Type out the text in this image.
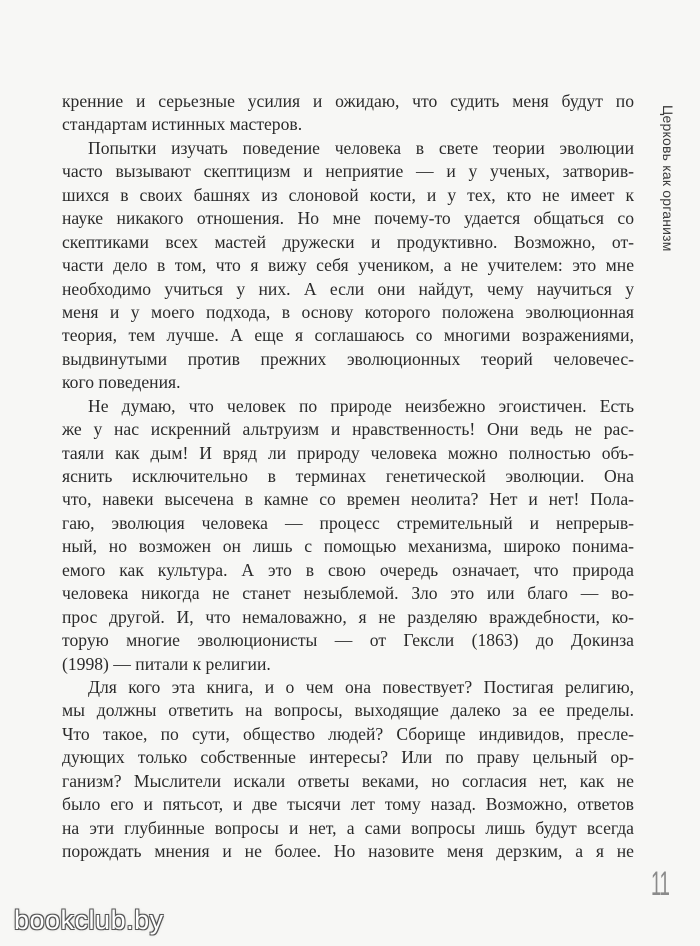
Церковь как организм
кренние и серьезные усилия и ожидаю, что судить меня будут по
стандартам истинных мастеров.
Попытки изучать поведение человека в свете теории эволюции
часто вызывают скептицизм и неприятие — и у ученых, затворив-
шихся в своих башнях из слоновой кости, и у тех, кто не имеет к
науке никакого отношения. Но мне почему-то удается общаться со
скептиками всех мастей дружески и продуктивно. Возможно, от-
части дело в том, что я вижу себя учеником, а не учителем: это мне
необходимо учиться у них. А если они найдут, чему научиться у
меня и у моего подхода, в основу которого положена эволюционная
теория, тем лучше. А еще я соглашаюсь со многими возражениями,
выдвинутыми против прежних эволюционных теорий человечес-
кого поведения.
Не думаю, что человек по природе неизбежно эгоистичен. Есть
же у нас искренний альтруизм и нравственность! Они ведь не рас-
таяли как дым! И вряд ли природу человека можно полностью объ-
яснить исключительно в терминах генетической эволюции. Она
что, навеки высечена в камне со времен неолита? Нет и нет! Пола-
гаю, эволюция человека — процесс стремительный и непрерыв-
ный, но возможен он лишь с помощью механизма, широко понима-
емого как культура. А это в свою очередь означает, что природа
человека никогда не станет незыблемой. Зло это или благо — во-
прос другой. И, что немаловажно, я не разделяю враждебности, ко-
торую многие эволюционисты — от Гексли (1863) до Докинза
(1998) — питали к религии.
Для кого эта книга, и о чем она повествует? Постигая религию,
мы должны ответить на вопросы, выходящие далеко за ее пределы.
Что такое, по сути, общество людей? Сборище индивидов, пресле-
дующих только собственные интересы? Или по праву цельный ор-
ганизм? Мыслители искали ответы веками, но согласия нет, как не
было его и пятьсот, и две тысячи лет тому назад. Возможно, ответов
на эти глубинные вопросы и нет, а сами вопросы лишь будут всегда
порождать мнения и не более. Но назовите меня дерзким, а я не
11
bookclub.by
